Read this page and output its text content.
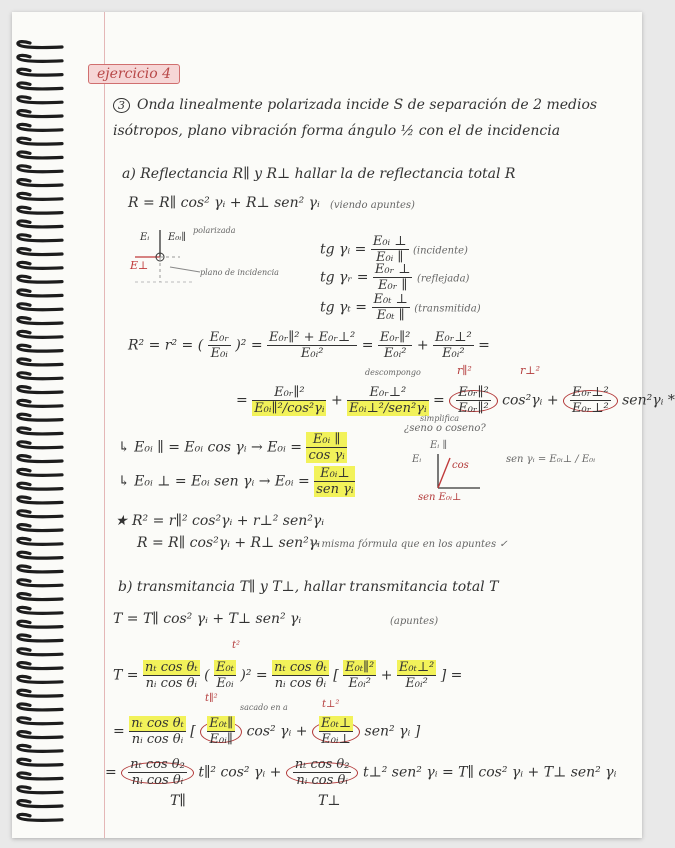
ejercicio 4
3 Onda linealmente polarizada incide S de separación de 2 medios
isótropos, plano vibración forma ángulo ½ con el de incidencia
a) Reflectancia R∥ y R⊥ hallar la de reflectancia total R
R = R∥ cos² γᵢ + R⊥ sen² γᵢ (viendo apuntes)
Eᵢ E₀ᵢ∥
E⊥
polarizada
plano de incidencia
tg γᵢ = $\frac{\text{E₀ᵢ ⊥}}{\text{E₀ᵢ ∥}}$ (incidente)
tg γᵣ = $\frac{\text{E₀ᵣ ⊥}}{\text{E₀ᵣ ∥}}$ (reflejada)
tg $\gamma_t = \frac{\text{E₀ₜ ⊥}}{\text{E₀ₜ ∥}}$ (transmitida)
R² = r² = ( $\frac{\text{E₀ᵣ}}{\text{E₀ᵢ}} )^2 = \frac{\text{E₀ᵣ∥² + E₀ᵣ⊥²}}{\text{E₀ᵢ²}} = \frac{\text{E₀ᵣ∥²}}{\text{E₀ᵢ²}} + \frac{\text{E₀ᵣ⊥²}}{\text{E₀ᵢ²}}$ =
descompongo	r∥²	r⊥²
= $\frac{\text{E₀ᵣ∥²}}{\text{E₀ᵢ∥²/cos²γᵢ}} + \frac{\text{E₀ᵣ⊥²}}{\text{E₀ᵢ⊥²/sen²γᵢ}} = \frac{\text{E₀ᵣ∥²}}{\text{E₀ᵣ∥²}}$ cos²γᵢ + $\frac{\text{E₀ᵣ⊥²}}{\text{E₀ᵣ⊥²}}$ sen²γᵢ *
simplifica
¿seno o coseno?
↳ E₀ᵢ ∥ = E₀ᵢ cos γᵢ → E₀ᵢ = $\frac{\text{E₀ᵢ ∥}}{\text{cos γᵢ}}$
↳ E₀ᵢ ⊥ = E₀ᵢ sen γᵢ → E₀ᵢ = $\frac{\text{E₀ᵢ⊥}}{\text{sen γᵢ}}$
Eᵢ ∥
Eᵢ
cos
sen E₀ᵢ⊥
sen γᵢ = E₀ᵢ⊥ / E₀ᵢ
★ R² = r∥² cos²γᵢ + r⊥² sen²γᵢ
R = R∥ cos²γᵢ + R⊥ sen²γᵢ
→ misma fórmula que en los apuntes ✓
b) transmitancia T∥ y T⊥, hallar transmitancia total T
T = T∥ cos² γᵢ + T⊥ sen² γᵢ	(apuntes)
t²
$T = \frac{\text{nₜ cos θₜ}}{\text{nᵢ cos θᵢ}}$ ( $\frac{\text{E₀ₜ}}{\text{E₀ᵢ}} )^2 = \frac{\text{nₜ cos θₜ}}{\text{nᵢ cos θᵢ}}$ [ $\frac{\text{E₀ₜ∥²}}{\text{E₀ᵢ²}} + \frac{\text{E₀ₜ⊥²}}{\text{E₀ᵢ²}}$ ] =
sacado en a
t∥²
t⊥²
= $\frac{\text{nₜ cos θₜ}}{\text{nᵢ cos θᵢ}}$ [ $\frac{\text{E₀ₜ∥}}{\text{E₀ᵢ∥}} \cos^2$ γᵢ + $\frac{\text{E₀ₜ⊥}}{\text{E₀ᵢ⊥}} sen^2$ γᵢ ]
= $\frac{\text{nₜ cos θ₂}}{\text{nᵢ cos θᵢ}}$ t∥² cos² γᵢ + $\frac{\text{nₜ cos θ₂}}{\text{nᵢ cos θᵢ}}$ t⊥² sen² γᵢ = T∥ cos² γᵢ + T⊥ sen² γᵢ
T∥	T⊥
